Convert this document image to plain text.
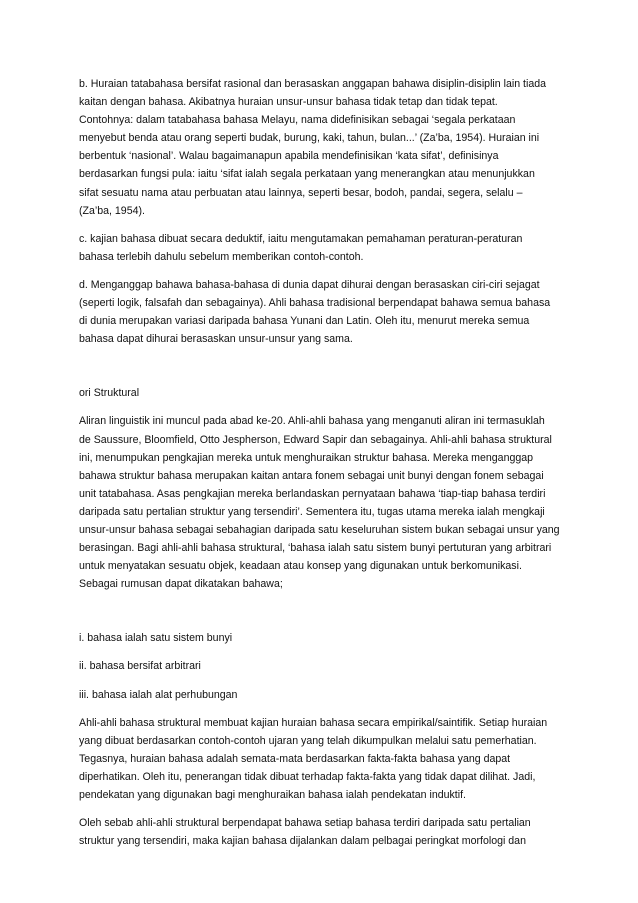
b. Huraian tatabahasa bersifat rasional dan berasaskan anggapan bahawa disiplin-disiplin lain tiada
kaitan dengan bahasa. Akibatnya huraian unsur-unsur bahasa tidak tetap dan tidak tepat.
Contohnya: dalam tatabahasa bahasa Melayu, nama didefinisikan sebagai ‘segala perkataan
menyebut benda atau orang seperti budak, burung, kaki, tahun, bulan...’ (Za’ba, 1954). Huraian ini
berbentuk ‘nasional’. Walau bagaimanapun apabila mendefinisikan ‘kata sifat’, definisinya
berdasarkan fungsi pula: iaitu ‘sifat ialah segala perkataan yang menerangkan atau menunjukkan
sifat sesuatu nama atau perbuatan atau lainnya, seperti besar, bodoh, pandai, segera, selalu –
(Za’ba, 1954).

c. kajian bahasa dibuat secara deduktif, iaitu mengutamakan pemahaman peraturan-peraturan
bahasa terlebih dahulu sebelum memberikan contoh-contoh.

d. Menganggap bahawa bahasa-bahasa di dunia dapat dihurai dengan berasaskan ciri-ciri sejagat
(seperti logik, falsafah dan sebagainya). Ahli bahasa tradisional berpendapat bahawa semua bahasa
di dunia merupakan variasi daripada bahasa Yunani dan Latin. Oleh itu, menurut mereka semua
bahasa dapat dihurai berasaskan unsur-unsur yang sama.

ori Struktural

Aliran linguistik ini muncul pada abad ke-20. Ahli-ahli bahasa yang menganuti aliran ini termasuklah
de Saussure, Bloomfield, Otto Jespherson, Edward Sapir dan sebagainya. Ahli-ahli bahasa struktural
ini, menumpukan pengkajian mereka untuk menghuraikan struktur bahasa. Mereka menganggap
bahawa struktur bahasa merupakan kaitan antara fonem sebagai unit bunyi dengan fonem sebagai
unit tatabahasa. Asas pengkajian mereka berlandaskan pernyataan bahawa ‘tiap-tiap bahasa terdiri
daripada satu pertalian struktur yang tersendiri’. Sementera itu, tugas utama mereka ialah mengkaji
unsur-unsur bahasa sebagai sebahagian daripada satu keseluruhan sistem bukan sebagai unsur yang
berasingan. Bagi ahli-ahli bahasa struktural, ‘bahasa ialah satu sistem bunyi pertuturan yang arbitrari
untuk menyatakan sesuatu objek, keadaan atau konsep yang digunakan untuk berkomunikasi.
Sebagai rumusan dapat dikatakan bahawa;

i. bahasa ialah satu sistem bunyi

ii. bahasa bersifat arbitrari

iii. bahasa ialah alat perhubungan

Ahli-ahli bahasa struktural membuat kajian huraian bahasa secara empirikal/saintifik. Setiap huraian
yang dibuat berdasarkan contoh-contoh ujaran yang telah dikumpulkan melalui satu pemerhatian.
Tegasnya, huraian bahasa adalah semata-mata berdasarkan fakta-fakta bahasa yang dapat
diperhatikan. Oleh itu, penerangan tidak dibuat terhadap fakta-fakta yang tidak dapat dilihat. Jadi,
pendekatan yang digunakan bagi menghuraikan bahasa ialah pendekatan induktif.

Oleh sebab ahli-ahli struktural berpendapat bahawa setiap bahasa terdiri daripada satu pertalian
struktur yang tersendiri, maka kajian bahasa dijalankan dalam pelbagai peringkat morfologi dan
